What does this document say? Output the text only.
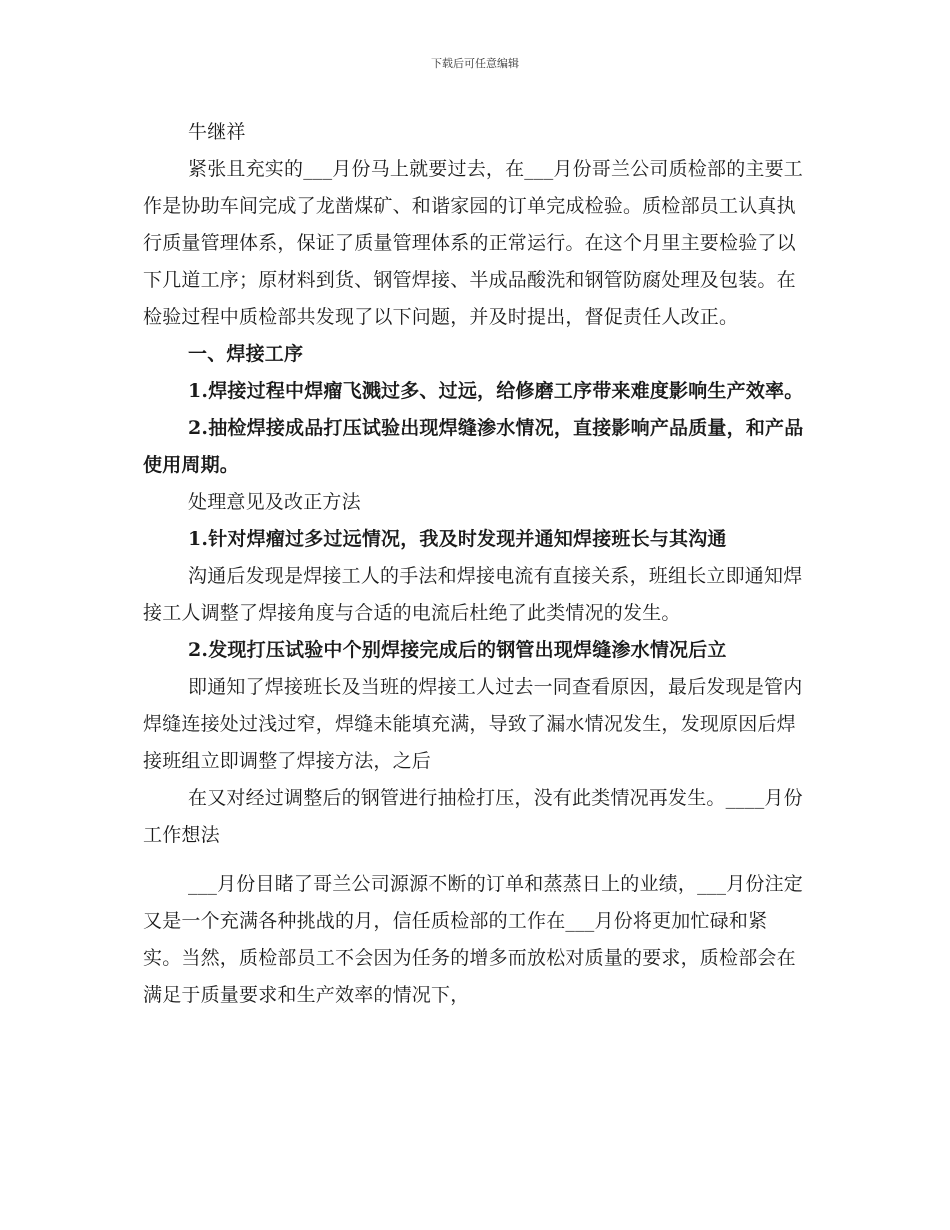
下载后可任意编辑

牛继祥

紧张且充实的___月份马上就要过去，在___月份哥兰公司质检部的主要工作是协助车间完成了龙凿煤矿、和谐家园的订单完成检验。质检部员工认真执行质量管理体系，保证了质量管理体系的正常运行。在这个月里主要检验了以下几道工序；原材料到货、钢管焊接、半成品酸洗和钢管防腐处理及包装。在检验过程中质检部共发现了以下问题，并及时提出，督促责任人改正。

一、焊接工序

1.焊接过程中焊瘤飞溅过多、过远，给修磨工序带来难度影响生产效率。

2.抽检焊接成品打压试验出现焊缝渗水情况，直接影响产品质量，和产品使用周期。

处理意见及改正方法

1.针对焊瘤过多过远情况，我及时发现并通知焊接班长与其沟通

沟通后发现是焊接工人的手法和焊接电流有直接关系，班组长立即通知焊接工人调整了焊接角度与合适的电流后杜绝了此类情况的发生。

2.发现打压试验中个别焊接完成后的钢管出现焊缝渗水情况后立

即通知了焊接班长及当班的焊接工人过去一同查看原因，最后发现是管内焊缝连接处过浅过窄，焊缝未能填充满，导致了漏水情况发生，发现原因后焊接班组立即调整了焊接方法，之后

在又对经过调整后的钢管进行抽检打压，没有此类情况再发生。____月份工作想法

___月份目睹了哥兰公司源源不断的订单和蒸蒸日上的业绩，___月份注定又是一个充满各种挑战的月，信任质检部的工作在___月份将更加忙碌和紧实。当然，质检部员工不会因为任务的增多而放松对质量的要求，质检部会在满足于质量要求和生产效率的情况下，
